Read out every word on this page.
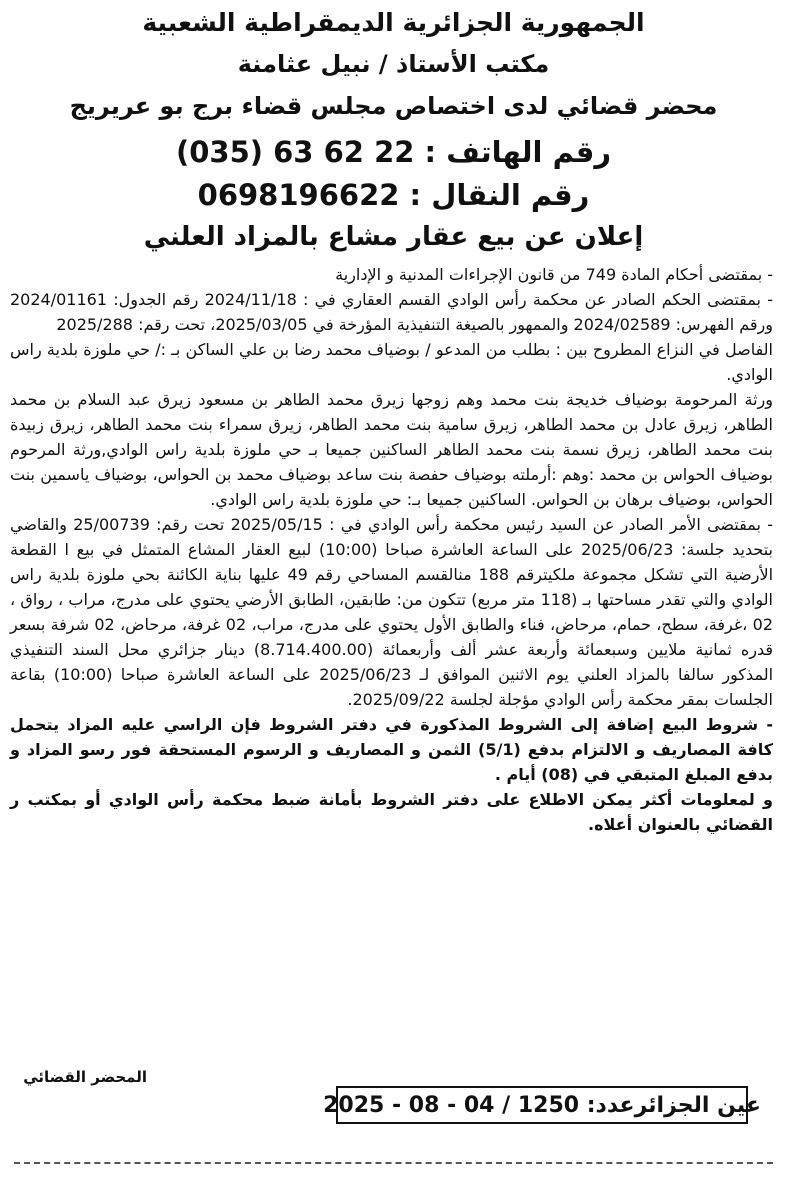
الجمهورية الجزائرية الديمقراطية الشعبية
مكتب الأستاذ / نبيل عثامنة
محضر قضائي لدى اختصاص مجلس قضاء برج بو عريريج
رقم الهاتف : 22 62 63 (035)
رقم النقال : 0698196622
إعلان عن بيع عقار مشاع بالمزاد العلني

- بمقتضى أحكام المادة 749 من قانون الإجراءات المدنية و الإدارية

- بمقتضى الحكم الصادر عن محكمة رأس الوادي القسم العقاري في : 2024/11/18 رقم الجدول: 2024/01161 ورقم الفهرس: 2024/02589 والممهور بالصيغة التنفيذية المؤرخة في 2025/03/05، تحت رقم: 2025/288

الفاصل في النزاع المطروح بين : بطلب من المدعو / بوضياف محمد رضا بن علي الساكن بـ :/ حي ملوزة بلدية راس الوادي.

ورثة المرحومة بوضياف خديجة بنت محمد وهم زوجها زيرق محمد الطاهر بن مسعود زيرق عبد السلام بن محمد الطاهر، زيرق عادل بن محمد الطاهر، زيرق سامية بنت محمد الطاهر، زيرق سمراء بنت محمد الطاهر، زيرق زبيدة بنت محمد الطاهر، زيرق نسمة بنت محمد الطاهر الساكنين جميعا بـ حي ملوزة بلدية راس الوادي,ورثة المرحوم بوضياف الحواس بن محمد :وهم :أرملته بوضياف حفصة بنت ساعد بوضياف محمد بن الحواس، بوضياف ياسمين بنت الحواس، بوضياف برهان بن الحواس. الساكنين جميعا بـ: حي ملوزة بلدية راس الوادي.

- بمقتضى الأمر الصادر عن السيد رئيس محكمة رأس الوادي في : 2025/05/15 تحت رقم: 25/00739 والقاضي بتحديد جلسة: 2025/06/23 على الساعة العاشرة صباحا (10:00) لبيع العقار المشاع المتمثل في بيع ا القطعة الأرضية التي تشكل مجموعة ملكيترقم 188 منالقسم المساحي رقم 49 عليها بناية الكائنة بحي ملوزة بلدية راس الوادي والتي تقدر مساحتها بـ (118 متر مربع) تتكون من: طابقين، الطابق الأرضي يحتوي على مدرج، مراب ، رواق ، 02 ،غرفة، سطح، حمام، مرحاض، فناء والطابق الأول يحتوي على مدرج، مراب، 02 غرفة، مرحاض، 02 شرفة بسعر قدره ثمانية ملايين وسبعمائة وأربعة عشر ألف وأربعمائة (8.714.400.00) دينار جزائري محل السند التنفيذي المذكور سالفا بالمزاد العلني يوم الاثنين الموافق لـ 2025/06/23 على الساعة العاشرة صباحا (10:00) بقاعة الجلسات بمقر محكمة رأس الوادي مؤجلة لجلسة 2025/09/22.

- شروط البيع إضافة إلى الشروط المذكورة في دفتر الشروط فإن الراسي عليه المزاد يتحمل كافة المصاريف و الالتزام بدفع (5/1) الثمن و المصاريف و الرسوم المستحقة فور رسو المزاد و بدفع المبلغ المتبقي في (08) أيام .

و لمعلومات أكثر يمكن الاطلاع على دفتر الشروط بأمانة ضبط محكمة رأس الوادي أو بمكتب ر القضائي بالعنوان أعلاه.

المحضر القضائي
عين الجزائرعدد: 1250 / 04 - 08 - 2025
